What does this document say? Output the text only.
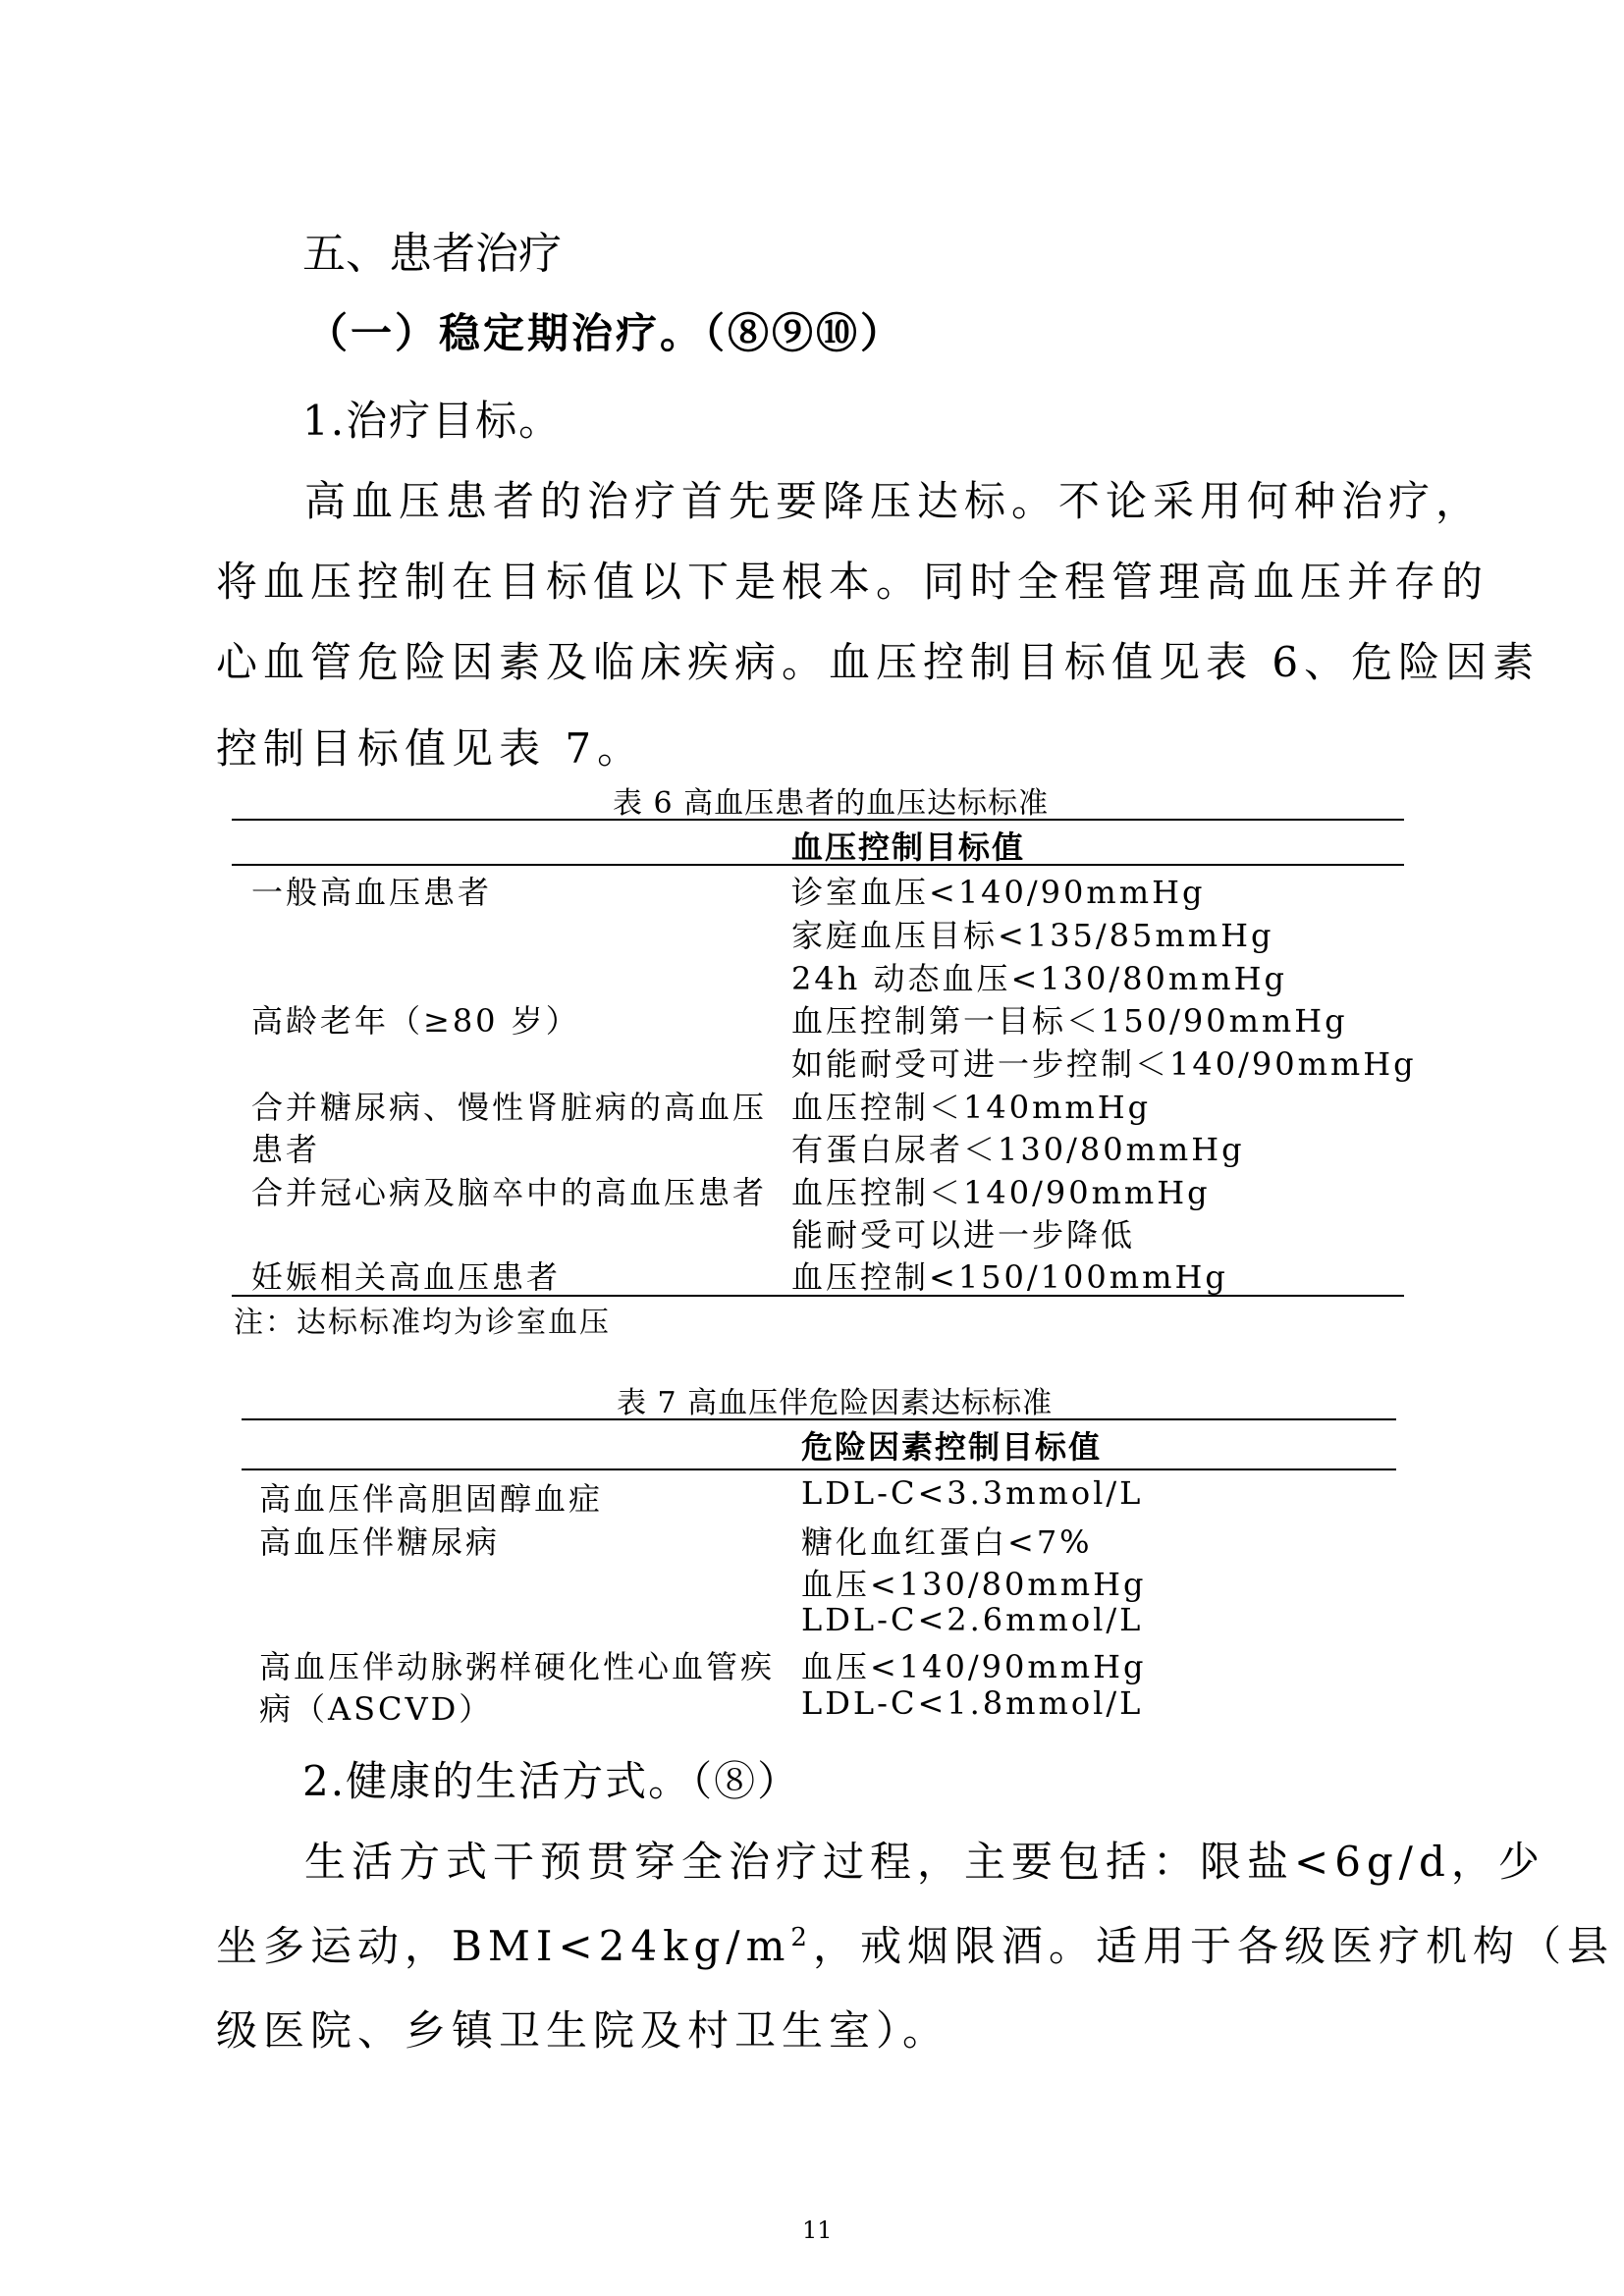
五、患者治疗
（一）稳定期治疗。（⑧⑨⑩）
1.治疗目标。
高血压患者的治疗首先要降压达标。不论采用何种治疗，
将血压控制在目标值以下是根本。同时全程管理高血压并存的
心血管危险因素及临床疾病。血压控制目标值见表 6、危险因素
控制目标值见表 7。
表 6 高血压患者的血压达标标准
血压控制目标值
一般高血压患者
高龄老年（≥80 岁）
合并糖尿病、慢性肾脏病的高血压
患者
合并冠心病及脑卒中的高血压患者
妊娠相关高血压患者
诊室血压<140/90mmHg
家庭血压目标<135/85mmHg
24h 动态血压<130/80mmHg
血压控制第一目标＜150/90mmHg
如能耐受可进一步控制＜140/90mmHg
血压控制＜140mmHg
有蛋白尿者＜130/80mmHg
血压控制＜140/90mmHg
能耐受可以进一步降低
血压控制<150/100mmHg
注：达标标准均为诊室血压
表 7 高血压伴危险因素达标标准
危险因素控制目标值
高血压伴高胆固醇血症
高血压伴糖尿病
高血压伴动脉粥样硬化性心血管疾
病（ASCVD）
LDL-C<3.3mmol/L
糖化血红蛋白<7%
血压<130/80mmHg
LDL-C<2.6mmol/L
血压<140/90mmHg
LDL-C<1.8mmol/L
2.健康的生活方式。（⑧）
生活方式干预贯穿全治疗过程，主要包括：限盐<6g/d，少
坐多运动，$BMI<24kg/m^2$，戒烟限酒。适用于各级医疗机构（县
级医院、乡镇卫生院及村卫生室）。
11
